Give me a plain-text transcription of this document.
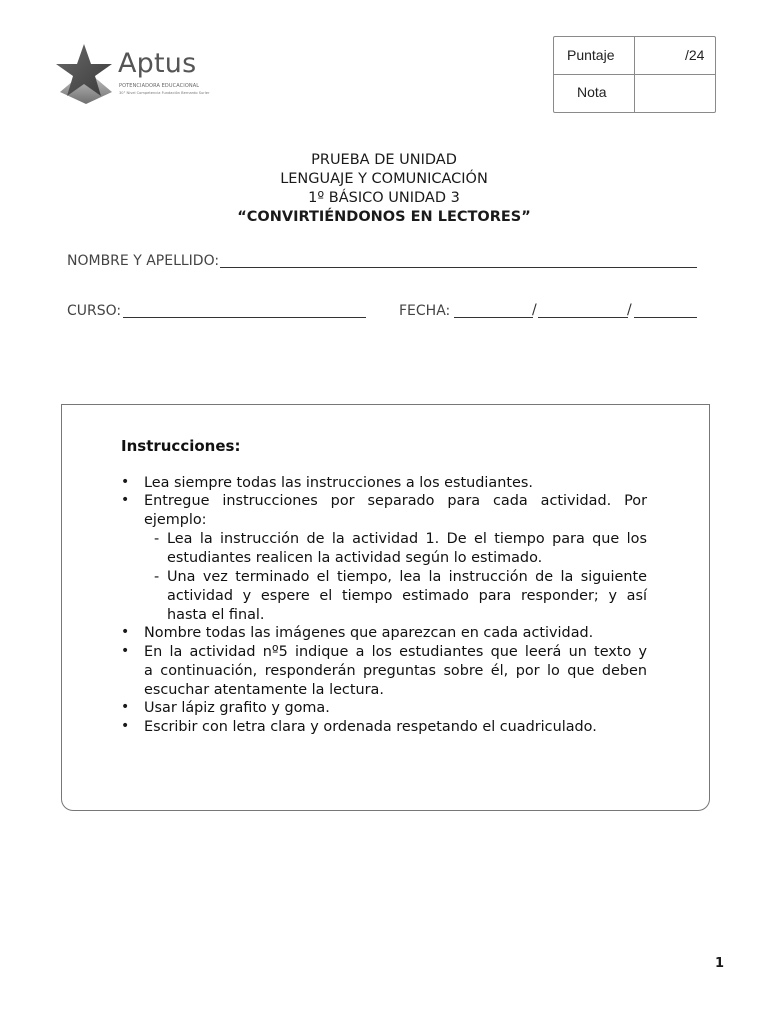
Aptus
POTENCIADORA EDUCACIONAL
30° Nivel Competencia Fundación Bernardo Surler
Puntaje	/24
Nota
PRUEBA DE UNIDAD
LENGUAJE Y COMUNICACIÓN
1º BÁSICO UNIDAD 3
“CONVIRTIÉNDONOS EN LECTORES”
NOMBRE Y APELLIDO:
CURSO:	FECHA:	/	/
Instrucciones:
• Lea siempre todas las instrucciones a los estudiantes.
• Entregue instrucciones por separado para cada actividad. Por
ejemplo:
- Lea la instrucción de la actividad 1. De el tiempo para que los
estudiantes realicen la actividad según lo estimado.
- Una vez terminado el tiempo, lea la instrucción de la siguiente
actividad y espere el tiempo estimado para responder; y así
hasta el final.
• Nombre todas las imágenes que aparezcan en cada actividad.
• En la actividad nº5 indique a los estudiantes que leerá un texto y
a continuación, responderán preguntas sobre él, por lo que deben
escuchar atentamente la lectura.
• Usar lápiz grafito y goma.
• Escribir con letra clara y ordenada respetando el cuadriculado.
1
